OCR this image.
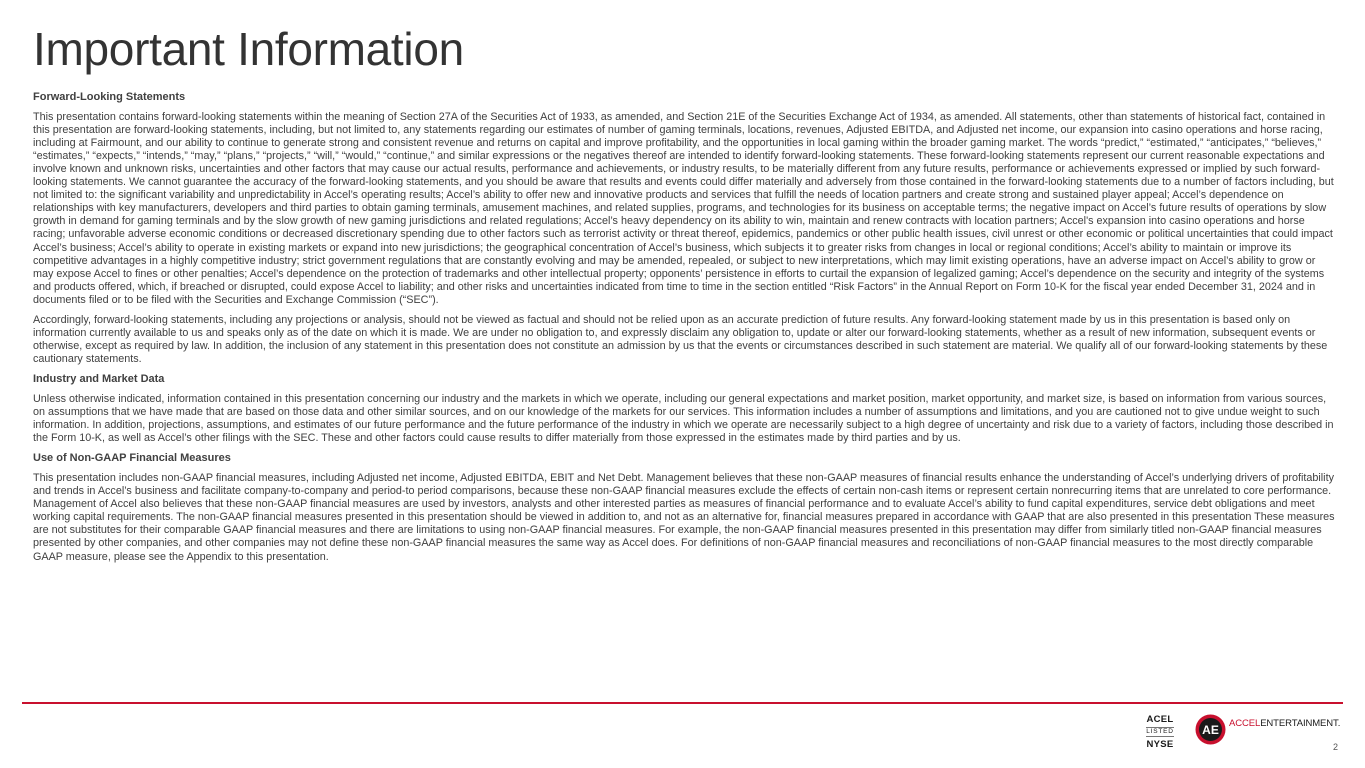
Important Information
Forward-Looking Statements

This presentation contains forward-looking statements within the meaning of Section 27A of the Securities Act of 1933, as amended, and Section 21E of the Securities Exchange Act of 1934, as amended. All statements, other than statements of historical fact, contained in this presentation are forward-looking statements, including, but not limited to, any statements regarding our estimates of number of gaming terminals, locations, revenues, Adjusted EBITDA, and Adjusted net income, our expansion into casino operations and horse racing, including at Fairmount, and our ability to continue to generate strong and consistent revenue and returns on capital and improve profitability, and the opportunities in local gaming within the broader gaming market. The words “predict,” “estimated,” “anticipates,” “believes,” “estimates,” “expects,” “intends,” “may,” “plans,” “projects,” “will,” “would,” “continue,” and similar expressions or the negatives thereof are intended to identify forward-looking statements. These forward-looking statements represent our current reasonable expectations and involve known and unknown risks, uncertainties and other factors that may cause our actual results, performance and achievements, or industry results, to be materially different from any future results, performance or achievements expressed or implied by such forward-looking statements. We cannot guarantee the accuracy of the forward-looking statements, and you should be aware that results and events could differ materially and adversely from those contained in the forward-looking statements due to a number of factors including, but not limited to: the significant variability and unpredictability in Accel’s operating results; Accel’s ability to offer new and innovative products and services that fulfill the needs of location partners and create strong and sustained player appeal; Accel’s dependence on relationships with key manufacturers, developers and third parties to obtain gaming terminals, amusement machines, and related supplies, programs, and technologies for its business on acceptable terms; the negative impact on Accel’s future results of operations by slow growth in demand for gaming terminals and by the slow growth of new gaming jurisdictions and related regulations; Accel’s heavy dependency on its ability to win, maintain and renew contracts with location partners; Accel's expansion into casino operations and horse racing; unfavorable adverse economic conditions or decreased discretionary spending due to other factors such as terrorist activity or threat thereof, epidemics, pandemics or other public health issues, civil unrest or other economic or political uncertainties that could impact Accel’s business; Accel’s ability to operate in existing markets or expand into new jurisdictions; the geographical concentration of Accel’s business, which subjects it to greater risks from changes in local or regional conditions; Accel’s ability to maintain or improve its competitive advantages in a highly competitive industry; strict government regulations that are constantly evolving and may be amended, repealed, or subject to new interpretations, which may limit existing operations, have an adverse impact on Accel’s ability to grow or may expose Accel to fines or other penalties; Accel’s dependence on the protection of trademarks and other intellectual property; opponents’ persistence in efforts to curtail the expansion of legalized gaming; Accel’s dependence on the security and integrity of the systems and products offered, which, if breached or disrupted, could expose Accel to liability; and other risks and uncertainties indicated from time to time in the section entitled “Risk Factors” in the Annual Report on Form 10-K for the fiscal year ended December 31, 2024 and in documents filed or to be filed with the Securities and Exchange Commission (“SEC”).

Accordingly, forward-looking statements, including any projections or analysis, should not be viewed as factual and should not be relied upon as an accurate prediction of future results. Any forward-looking statement made by us in this presentation is based only on information currently available to us and speaks only as of the date on which it is made. We are under no obligation to, and expressly disclaim any obligation to, update or alter our forward-looking statements, whether as a result of new information, subsequent events or otherwise, except as required by law. In addition, the inclusion of any statement in this presentation does not constitute an admission by us that the events or circumstances described in such statement are material. We qualify all of our forward-looking statements by these cautionary statements.

Industry and Market Data

Unless otherwise indicated, information contained in this presentation concerning our industry and the markets in which we operate, including our general expectations and market position, market opportunity, and market size, is based on information from various sources, on assumptions that we have made that are based on those data and other similar sources, and on our knowledge of the markets for our services. This information includes a number of assumptions and limitations, and you are cautioned not to give undue weight to such information. In addition, projections, assumptions, and estimates of our future performance and the future performance of the industry in which we operate are necessarily subject to a high degree of uncertainty and risk due to a variety of factors, including those described in the Form 10-K, as well as Accel’s other filings with the SEC. These and other factors could cause results to differ materially from those expressed in the estimates made by third parties and by us.

Use of Non-GAAP Financial Measures

This presentation includes non-GAAP financial measures, including Adjusted net income, Adjusted EBITDA, EBIT and Net Debt. Management believes that these non-GAAP measures of financial results enhance the understanding of Accel’s underlying drivers of profitability and trends in Accel’s business and facilitate company-to-company and period-to period comparisons, because these non-GAAP financial measures exclude the effects of certain non-cash items or represent certain nonrecurring items that are unrelated to core performance. Management of Accel also believes that these non-GAAP financial measures are used by investors, analysts and other interested parties as measures of financial performance and to evaluate Accel’s ability to fund capital expenditures, service debt obligations and meet working capital requirements. The non-GAAP financial measures presented in this presentation should be viewed in addition to, and not as an alternative for, financial measures prepared in accordance with GAAP that are also presented in this presentation These measures are not substitutes for their comparable GAAP financial measures and there are limitations to using non-GAAP financial measures. For example, the non-GAAP financial measures presented in this presentation may differ from similarly titled non-GAAP financial measures presented by other companies, and other companies may not define these non-GAAP financial measures the same way as Accel does. For definitions of non-GAAP financial measures and reconciliations of non-GAAP financial measures to the most directly comparable GAAP measure, please see the Appendix to this presentation.

ACEL
LISTED
NYSE
AE ACCELENTERTAINMENT.
2
